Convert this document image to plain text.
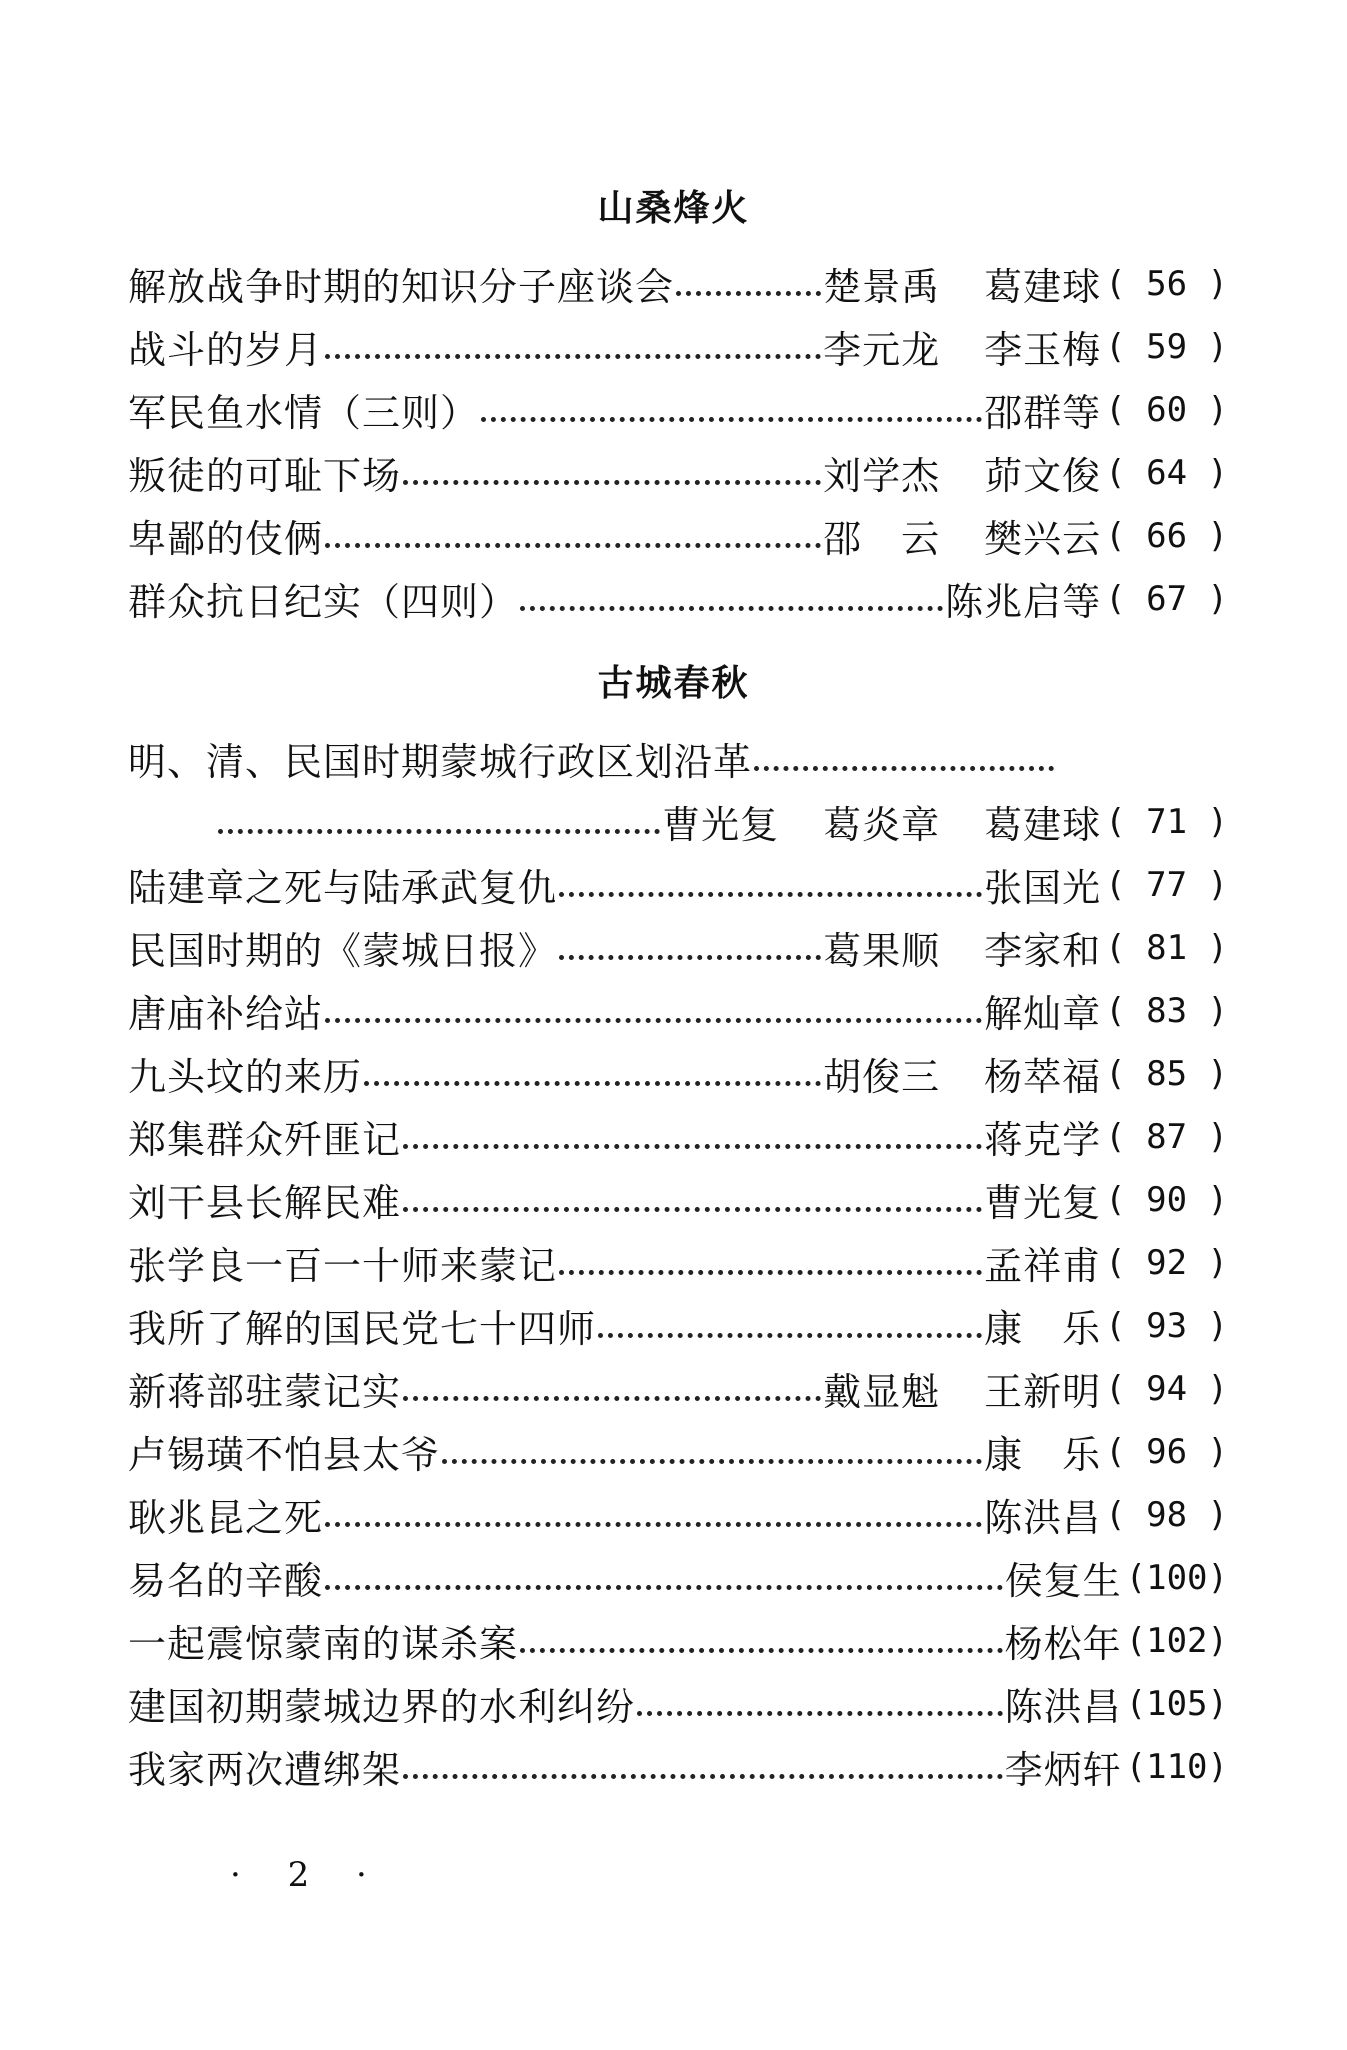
山桑烽火
解放战争时期的知识分子座谈会	楚景禹 葛建球 ( 56 )
战斗的岁月	李元龙 李玉梅 ( 59 )
军民鱼水情（三则）	邵群等 ( 60 )
叛徒的可耻下场	刘学杰 茆文俊 ( 64 )
卑鄙的伎俩	邵　云 樊兴云 ( 66 )
群众抗日纪实（四则）	陈兆启等 ( 67 )
古城春秋
明、清、民国时期蒙城行政区划沿革
曹光复 葛炎章 葛建球 ( 71 )
陆建章之死与陆承武复仇	张国光 ( 77 )
民国时期的《蒙城日报》	葛果顺 李家和 ( 81 )
唐庙补给站	解灿章 ( 83 )
九头坟的来历	胡俊三 杨萃福 ( 85 )
郑集群众歼匪记	蒋克学 ( 87 )
刘干县长解民难	曹光复 ( 90 )
张学良一百一十师来蒙记	孟祥甫 ( 92 )
我所了解的国民党七十四师	康　乐 ( 93 )
新蒋部驻蒙记实	戴显魁 王新明 ( 94 )
卢锡璜不怕县太爷	康　乐 ( 96 )
耿兆昆之死	陈洪昌 ( 98 )
易名的辛酸	侯复生 (100)
一起震惊蒙南的谋杀案	杨松年 (102)
建国初期蒙城边界的水利纠纷	陈洪昌 (105)
我家两次遭绑架	李炳轩 (110)
· 2 ·
